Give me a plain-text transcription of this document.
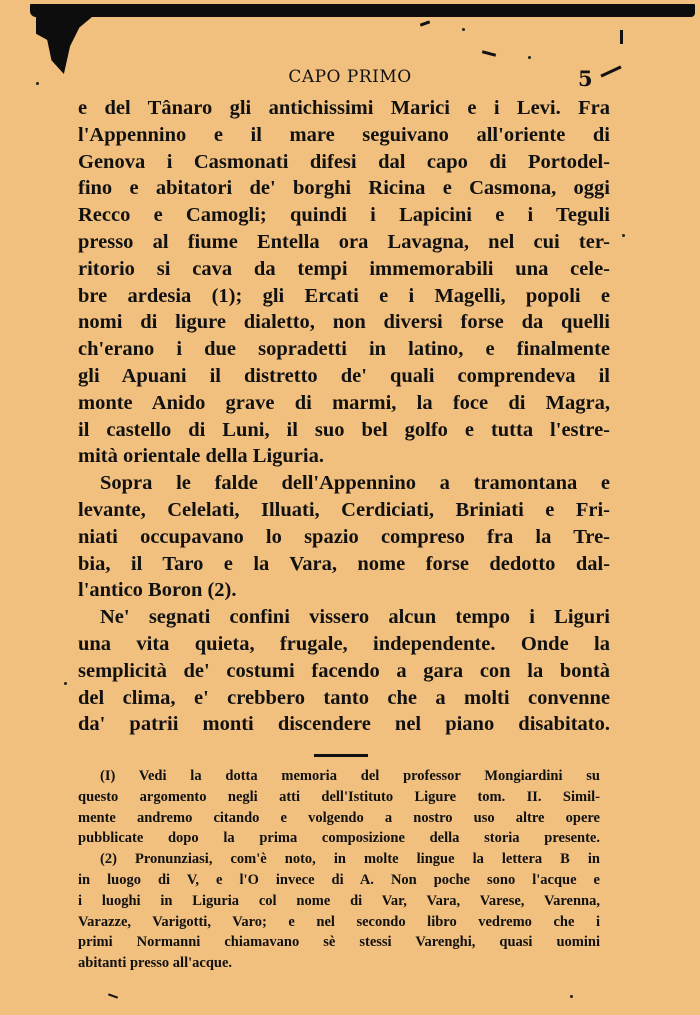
CAPO PRIMO	5
e del Tânaro gli antichissimi Marici e i Levi. Fra
l'Appennino e il mare seguivano all'oriente di
Genova i Casmonati difesi dal capo di Portodel-
fino e abitatori de' borghi Ricina e Casmona, oggi
Recco e Camogli; quindi i Lapicini e i Teguli
presso al fiume Entella ora Lavagna, nel cui ter-
ritorio si cava da tempi immemorabili una cele-
bre ardesia (1); gli Ercati e i Magelli, popoli e
nomi di ligure dialetto, non diversi forse da quelli
ch'erano i due sopradetti in latino, e finalmente
gli Apuani il distretto de' quali comprendeva il
monte Anido grave di marmi, la foce di Magra,
il castello di Luni, il suo bel golfo e tutta l'estre-
mità orientale della Liguria.
Sopra le falde dell'Appennino a tramontana e
levante, Celelati, Illuati, Cerdiciati, Briniati e Fri-
niati occupavano lo spazio compreso fra la Tre-
bia, il Taro e la Vara, nome forse dedotto dal-
l'antico Boron (2).
Ne' segnati confini vissero alcun tempo i Liguri
una vita quieta, frugale, independente. Onde la
semplicità de' costumi facendo a gara con la bontà
del clima, e' crebbero tanto che a molti convenne
da' patrii monti discendere nel piano disabitato.
(I) Vedi la dotta memoria del professor Mongiardini su
questo argomento negli atti dell'Istituto Ligure tom. II. Simil-
mente andremo citando e volgendo a nostro uso altre opere
pubblicate dopo la prima composizione della storia presente.
(2) Pronunziasi, com'è noto, in molte lingue la lettera B in
in luogo di V, e l'O invece di A. Non poche sono l'acque e
i luoghi in Liguria col nome di Var, Vara, Varese, Varenna,
Varazze, Varigotti, Varo; e nel secondo libro vedremo che i
primi Normanni chiamavano sè stessi Varenghi, quasi uomini
abitanti presso all'acque.
